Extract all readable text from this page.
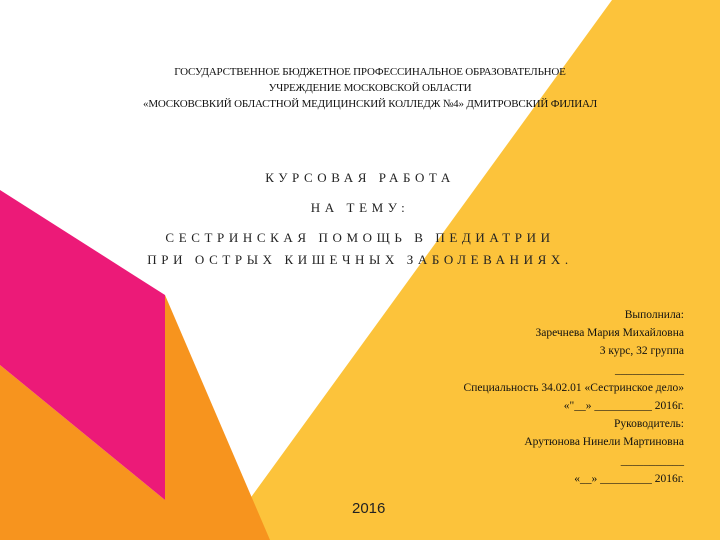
ГОСУДАРСТВЕННОЕ БЮДЖЕТНОЕ ПРОФЕССИНАЛЬНОЕ ОБРАЗОВАТЕЛЬНОЕ
УЧРЕЖДЕНИЕ МОСКОВСКОЙ ОБЛАСТИ
«МОСКОВСВКИЙ ОБЛАСТНОЙ МЕДИЦИНСКИЙ КОЛЛЕДЖ №4» ДМИТРОВСКИЙ ФИЛИАЛ
КУРСОВАЯ РАБОТА
НА ТЕМУ:
СЕСТРИНСКАЯ ПОМОЩЬ В ПЕДИАТРИИ
ПРИ ОСТРЫХ КИШЕЧНЫХ ЗАБОЛЕВАНИЯХ.
Выполнила:
Заречнева Мария Михайловна
3 курс, 32 группа
____________
Специальность 34.02.01 «Сестринское дело»
«"__» __________ 2016г.
Руководитель:
Арутюнова Нинели Мартиновна
___________
«__» _________ 2016г.
2016
